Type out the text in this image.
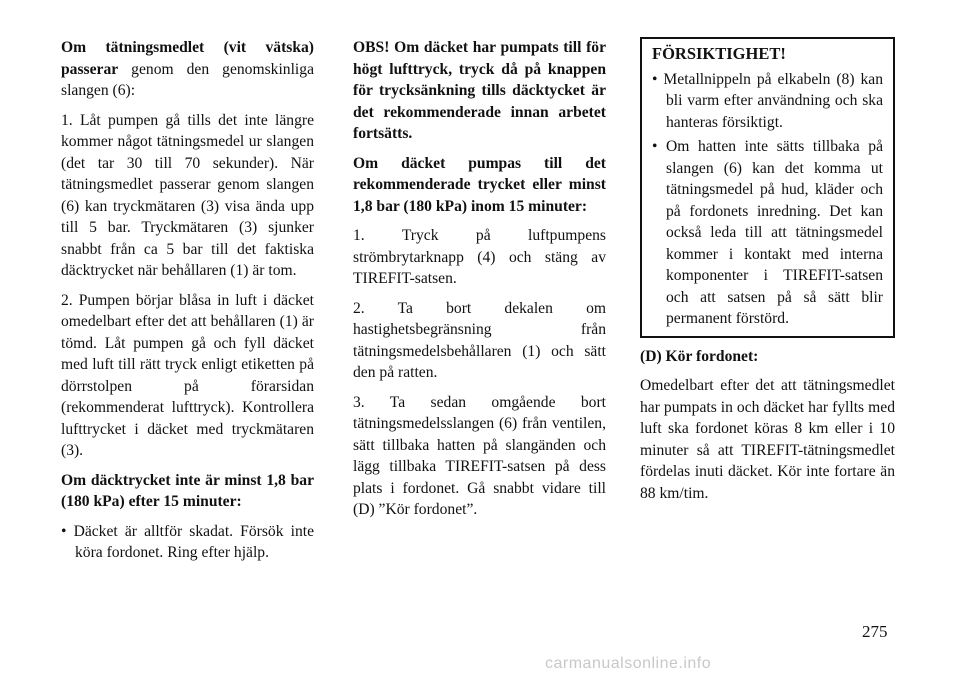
Om tätningsmedlet (vit vätska) passerar genom den genomskinliga slangen (6):

1. Låt pumpen gå tills det inte längre kommer något tätningsmedel ur slangen (det tar 30 till 70 sekunder). När tätningsmedlet passerar genom slangen (6) kan tryckmätaren (3) visa ända upp till 5 bar. Tryckmätaren (3) sjunker snabbt från ca 5 bar till det faktiska däcktrycket när behållaren (1) är tom.

2. Pumpen börjar blåsa in luft i däcket omedelbart efter det att behållaren (1) är tömd. Låt pumpen gå och fyll däcket med luft till rätt tryck enligt etiketten på dörrstolpen på förarsidan (rekommenderat lufttryck). Kontrollera lufttrycket i däcket med tryckmätaren (3).

Om däcktrycket inte är minst 1,8 bar (180 kPa) efter 15 minuter:

• Däcket är alltför skadat. Försök inte köra fordonet. Ring efter hjälp.

OBS! Om däcket har pumpats till för högt lufttryck, tryck då på knappen för trycksänkning tills däcktycket är det rekommenderade innan arbetet fortsätts.

Om däcket pumpas till det rekommenderade trycket eller minst 1,8 bar (180 kPa) inom 15 minuter:

1. Tryck på luftpumpens strömbrytarknapp (4) och stäng av TIREFIT-satsen.

2. Ta bort dekalen om hastighetsbegränsning från tätningsmedelsbehållaren (1) och sätt den på ratten.

3. Ta sedan omgående bort tätningsmedelsslangen (6) från ventilen, sätt tillbaka hatten på slangänden och lägg tillbaka TIREFIT-satsen på dess plats i fordonet. Gå snabbt vidare till (D) ”Kör fordonet”.

FÖRSIKTIGHET!

• Metallnippeln på elkabeln (8) kan bli varm efter användning och ska hanteras försiktigt.

• Om hatten inte sätts tillbaka på slangen (6) kan det komma ut tätningsmedel på hud, kläder och på fordonets inredning. Det kan också leda till att tätningsmedel kommer i kontakt med interna komponenter i TIREFIT-satsen och att satsen på så sätt blir permanent förstörd.

(D) Kör fordonet:

Omedelbart efter det att tätningsmedlet har pumpats in och däcket har fyllts med luft ska fordonet köras 8 km eller i 10 minuter så att TIREFIT-tätningsmedlet fördelas inuti däcket. Kör inte fortare än 88 km/tim.

275
carmanualsonline.info
